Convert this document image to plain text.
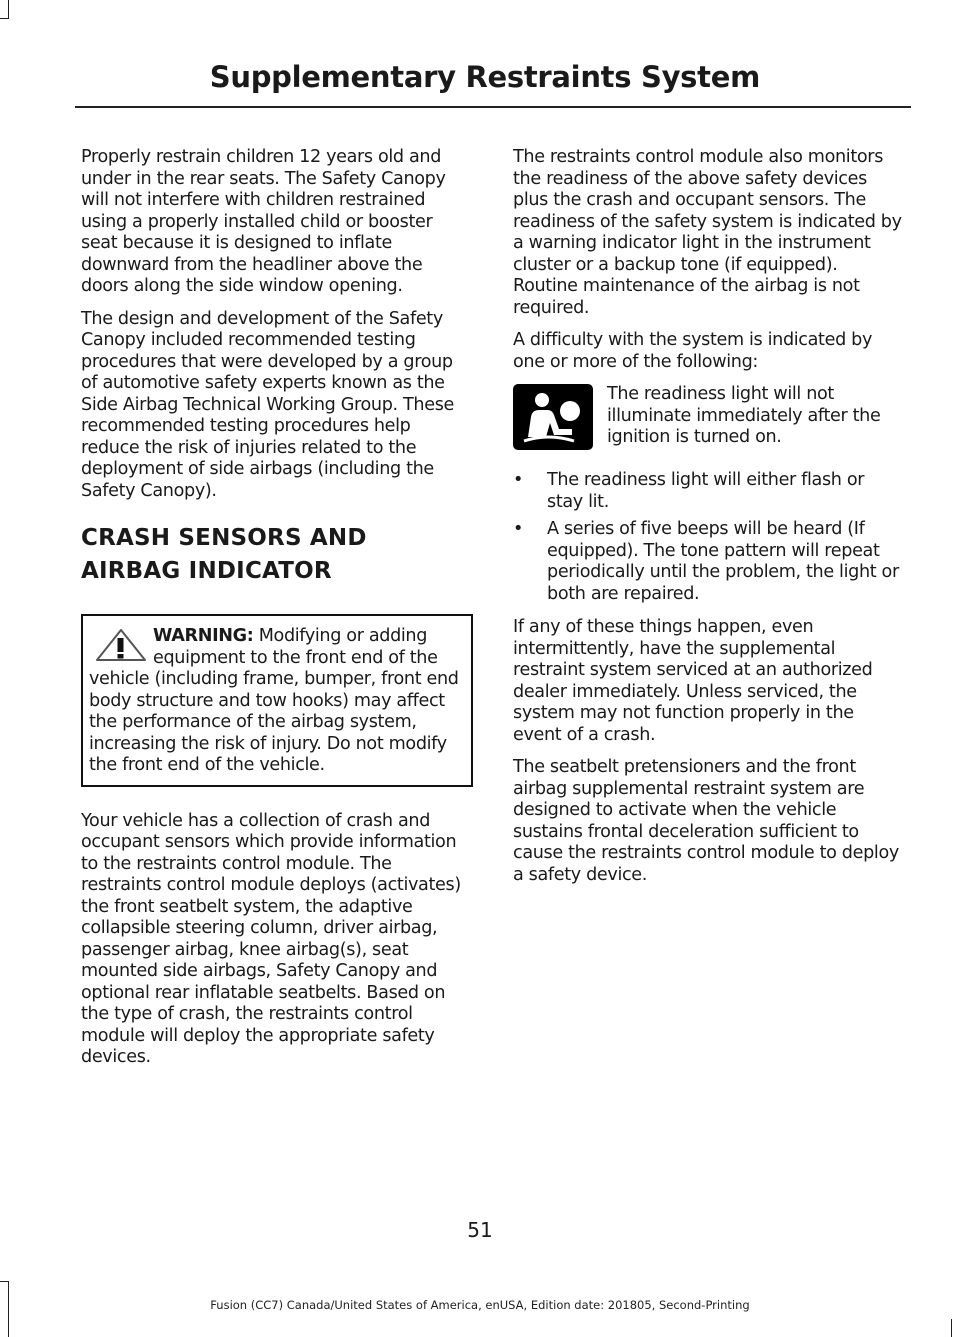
Supplementary Restraints System

Properly restrain children 12 years old and under in the rear seats. The Safety Canopy will not interfere with children restrained using a properly installed child or booster seat because it is designed to inflate downward from the headliner above the doors along the side window opening.

The design and development of the Safety Canopy included recommended testing procedures that were developed by a group of automotive safety experts known as the Side Airbag Technical Working Group. These recommended testing procedures help reduce the risk of injuries related to the deployment of side airbags (including the Safety Canopy).

CRASH SENSORS AND
AIRBAG INDICATOR

WARNING: Modifying or adding equipment to the front end of the vehicle (including frame, bumper, front end body structure and tow hooks) may affect the performance of the airbag system, increasing the risk of injury. Do not modify the front end of the vehicle.

Your vehicle has a collection of crash and occupant sensors which provide information to the restraints control module. The restraints control module deploys (activates) the front seatbelt system, the adaptive collapsible steering column, driver airbag, passenger airbag, knee airbag(s), seat mounted side airbags, Safety Canopy and optional rear inflatable seatbelts. Based on the type of crash, the restraints control module will deploy the appropriate safety devices.

The restraints control module also monitors the readiness of the above safety devices plus the crash and occupant sensors. The readiness of the safety system is indicated by a warning indicator light in the instrument cluster or a backup tone (if equipped). Routine maintenance of the airbag is not required.

A difficulty with the system is indicated by one or more of the following:

The readiness light will not illuminate immediately after the ignition is turned on.

• The readiness light will either flash or stay lit.
• A series of five beeps will be heard (If equipped). The tone pattern will repeat periodically until the problem, the light or both are repaired.

If any of these things happen, even intermittently, have the supplemental restraint system serviced at an authorized dealer immediately. Unless serviced, the system may not function properly in the event of a crash.

The seatbelt pretensioners and the front airbag supplemental restraint system are designed to activate when the vehicle sustains frontal deceleration sufficient to cause the restraints control module to deploy a safety device.

51
Fusion (CC7) Canada/United States of America, enUSA, Edition date: 201805, Second-Printing
